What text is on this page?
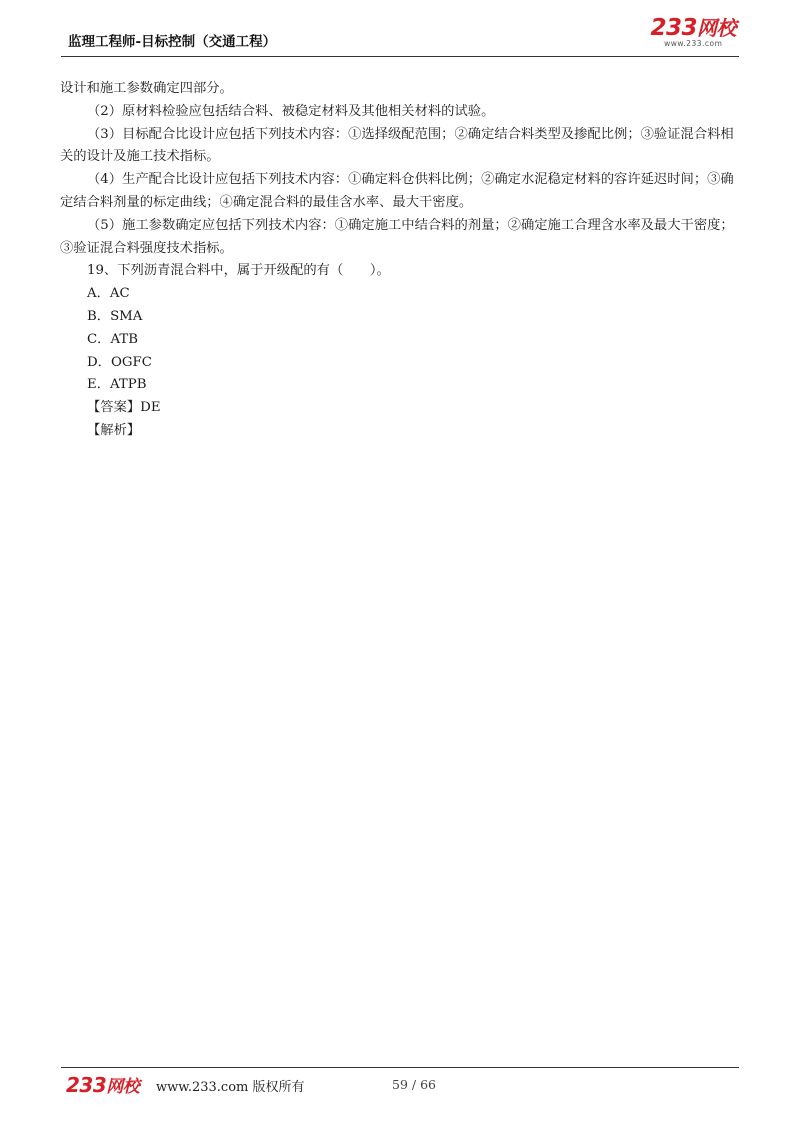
监理工程师-目标控制（交通工程）
233网校
www.233.com

设计和施工参数确定四部分。

（2）原材料检验应包括结合料、被稳定材料及其他相关材料的试验。

（3）目标配合比设计应包括下列技术内容：①选择级配范围；②确定结合料类型及掺配比例；③验证混合料相关的设计及施工技术指标。

（4）生产配合比设计应包括下列技术内容：①确定料仓供料比例；②确定水泥稳定材料的容许延迟时间；③确定结合料剂量的标定曲线；④确定混合料的最佳含水率、最大干密度。

（5）施工参数确定应包括下列技术内容：①确定施工中结合料的剂量；②确定施工合理含水率及最大干密度；③验证混合料强度技术指标。

19、下列沥青混合料中，属于开级配的有（　　）。

A．AC

B．SMA

C．ATB

D．OGFC

E．ATPB

【答案】DE

【解析】

233网校 www.233.com 版权所有	59 / 66
